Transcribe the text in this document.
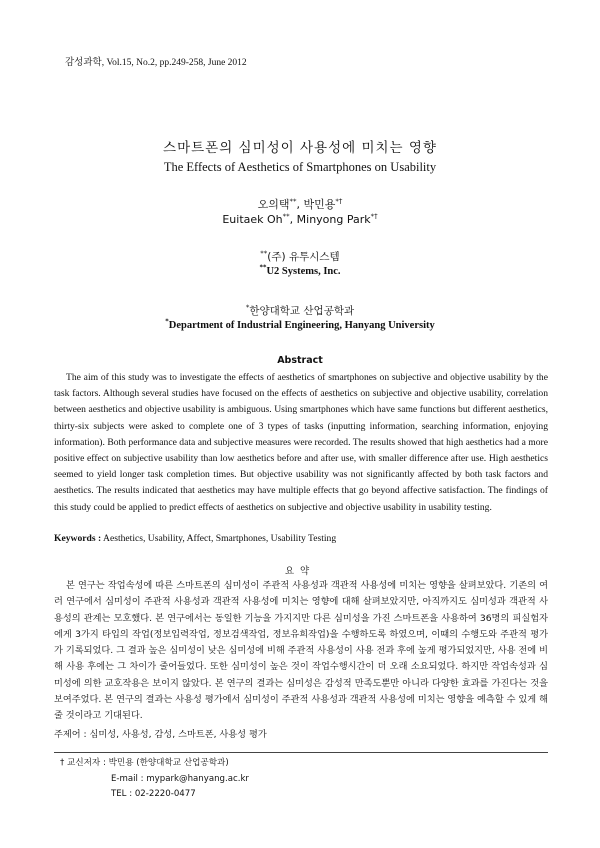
감성과학, Vol.15, No.2, pp.249-258, June 2012
스마트폰의 심미성이 사용성에 미치는 영향
The Effects of Aesthetics of Smartphones on Usability
오의택**, 박민용*†
Euitaek Oh**, Minyong Park*†
**(주) 유투시스템
**U2 Systems, Inc.
*한양대학교 산업공학과
*Department of Industrial Engineering, Hanyang University
Abstract

The aim of this study was to investigate the effects of aesthetics of smartphones on subjective and objective usability by the task factors. Although several studies have focused on the effects of aesthetics on subjective and objective usability, correlation between aesthetics and objective usability is ambiguous. Using smartphones which have same functions but different aesthetics, thirty-six subjects were asked to complete one of 3 types of tasks (inputting information, searching information, enjoying information). Both performance data and subjective measures were recorded. The results showed that high aesthetics had a more positive effect on subjective usability than low aesthetics before and after use, with smaller difference after use. High aesthetics seemed to yield longer task completion times. But objective usability was not significantly affected by both task factors and aesthetics. The results indicated that aesthetics may have multiple effects that go beyond affective satisfaction. The findings of this study could be applied to predict effects of aesthetics on subjective and objective usability in usability testing.

Keywords : Aesthetics, Usability, Affect, Smartphones, Usability Testing

요약

본 연구는 작업속성에 따른 스마트폰의 심미성이 주관적 사용성과 객관적 사용성에 미치는 영향을 살펴보았다. 기존의 여러 연구에서 심미성이 주관적 사용성과 객관적 사용성에 미치는 영향에 대해 살펴보았지만, 아직까지도 심미성과 객관적 사용성의 관계는 모호했다. 본 연구에서는 동일한 기능을 가지지만 다른 심미성을 가진 스마트폰을 사용하여 36명의 피실험자에게 3가지 타입의 작업(정보입력작업, 정보검색작업, 정보유희작업)을 수행하도록 하였으며, 이때의 수행도와 주관적 평가가 기록되었다. 그 결과 높은 심미성이 낮은 심미성에 비해 주관적 사용성이 사용 전과 후에 높게 평가되었지만, 사용 전에 비해 사용 후에는 그 차이가 줄어들었다. 또한 심미성이 높은 것이 작업수행시간이 더 오래 소요되었다. 하지만 작업속성과 심미성에 의한 교호작용은 보이지 않았다. 본 연구의 결과는 심미성은 감성적 만족도뿐만 아니라 다양한 효과를 가진다는 것을 보여주었다. 본 연구의 결과는 사용성 평가에서 심미성이 주관적 사용성과 객관적 사용성에 미치는 영향을 예측할 수 있게 해줄 것이라고 기대된다.

주제어 : 심미성, 사용성, 감성, 스마트폰, 사용성 평가

† 교신저자 : 박민용 (한양대학교 산업공학과)
E-mail : mypark@hanyang.ac.kr
TEL : 02-2220-0477
